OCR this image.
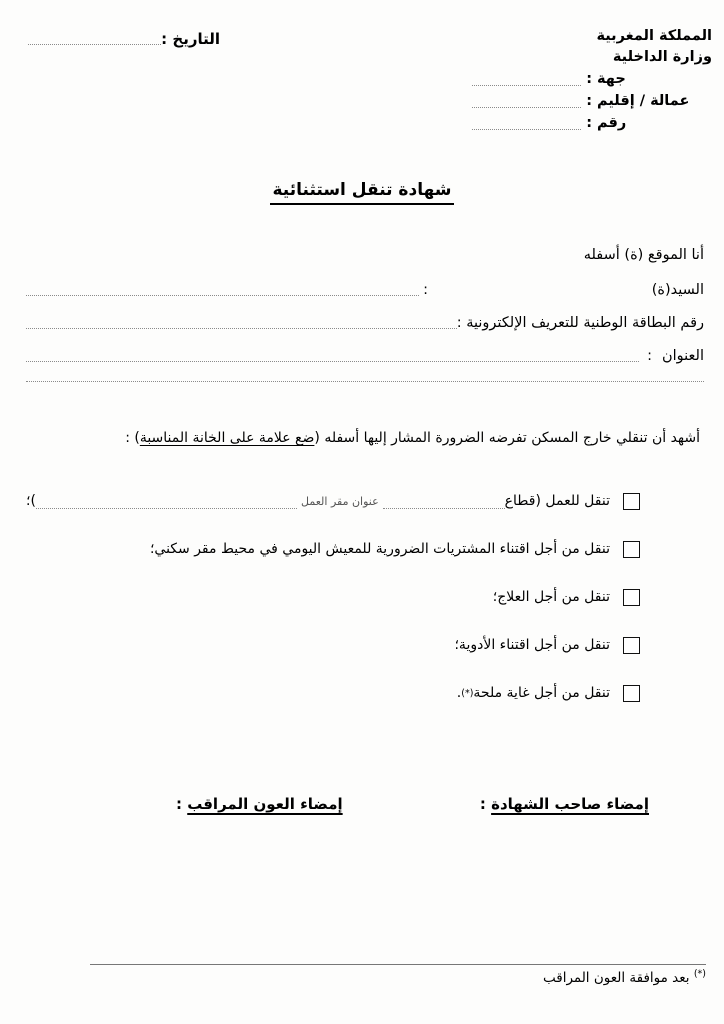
التاريخ :	المملكة المغربية
وزارة الداخلية
جهة
:
عمالة / إقليم
:
رقم
:
شهادة تنقل استثنائية
أنا الموقع (ة) أسفله
السيد(ة)
:
رقم البطاقة الوطنية للتعريف الإلكترونية :
العنوان
:

أشهد أن تنقلي خارج المسكن تفرضه الضرورة المشار إليها أسفله (ضع علامة على الخانة المناسبة) :

تنقل للعمل (قطاع
عنوان مقر العمل
)؛
تنقل من أجل اقتناء المشتريات الضرورية للمعيش اليومي في محيط مقر سكني؛
تنقل من أجل العلاج؛
تنقل من أجل اقتناء الأدوية؛
تنقل من أجل غاية ملحة
(*)
.
إمضاء صاحب الشهادة :
إمضاء العون المراقب :
(*) بعد موافقة العون المراقب
